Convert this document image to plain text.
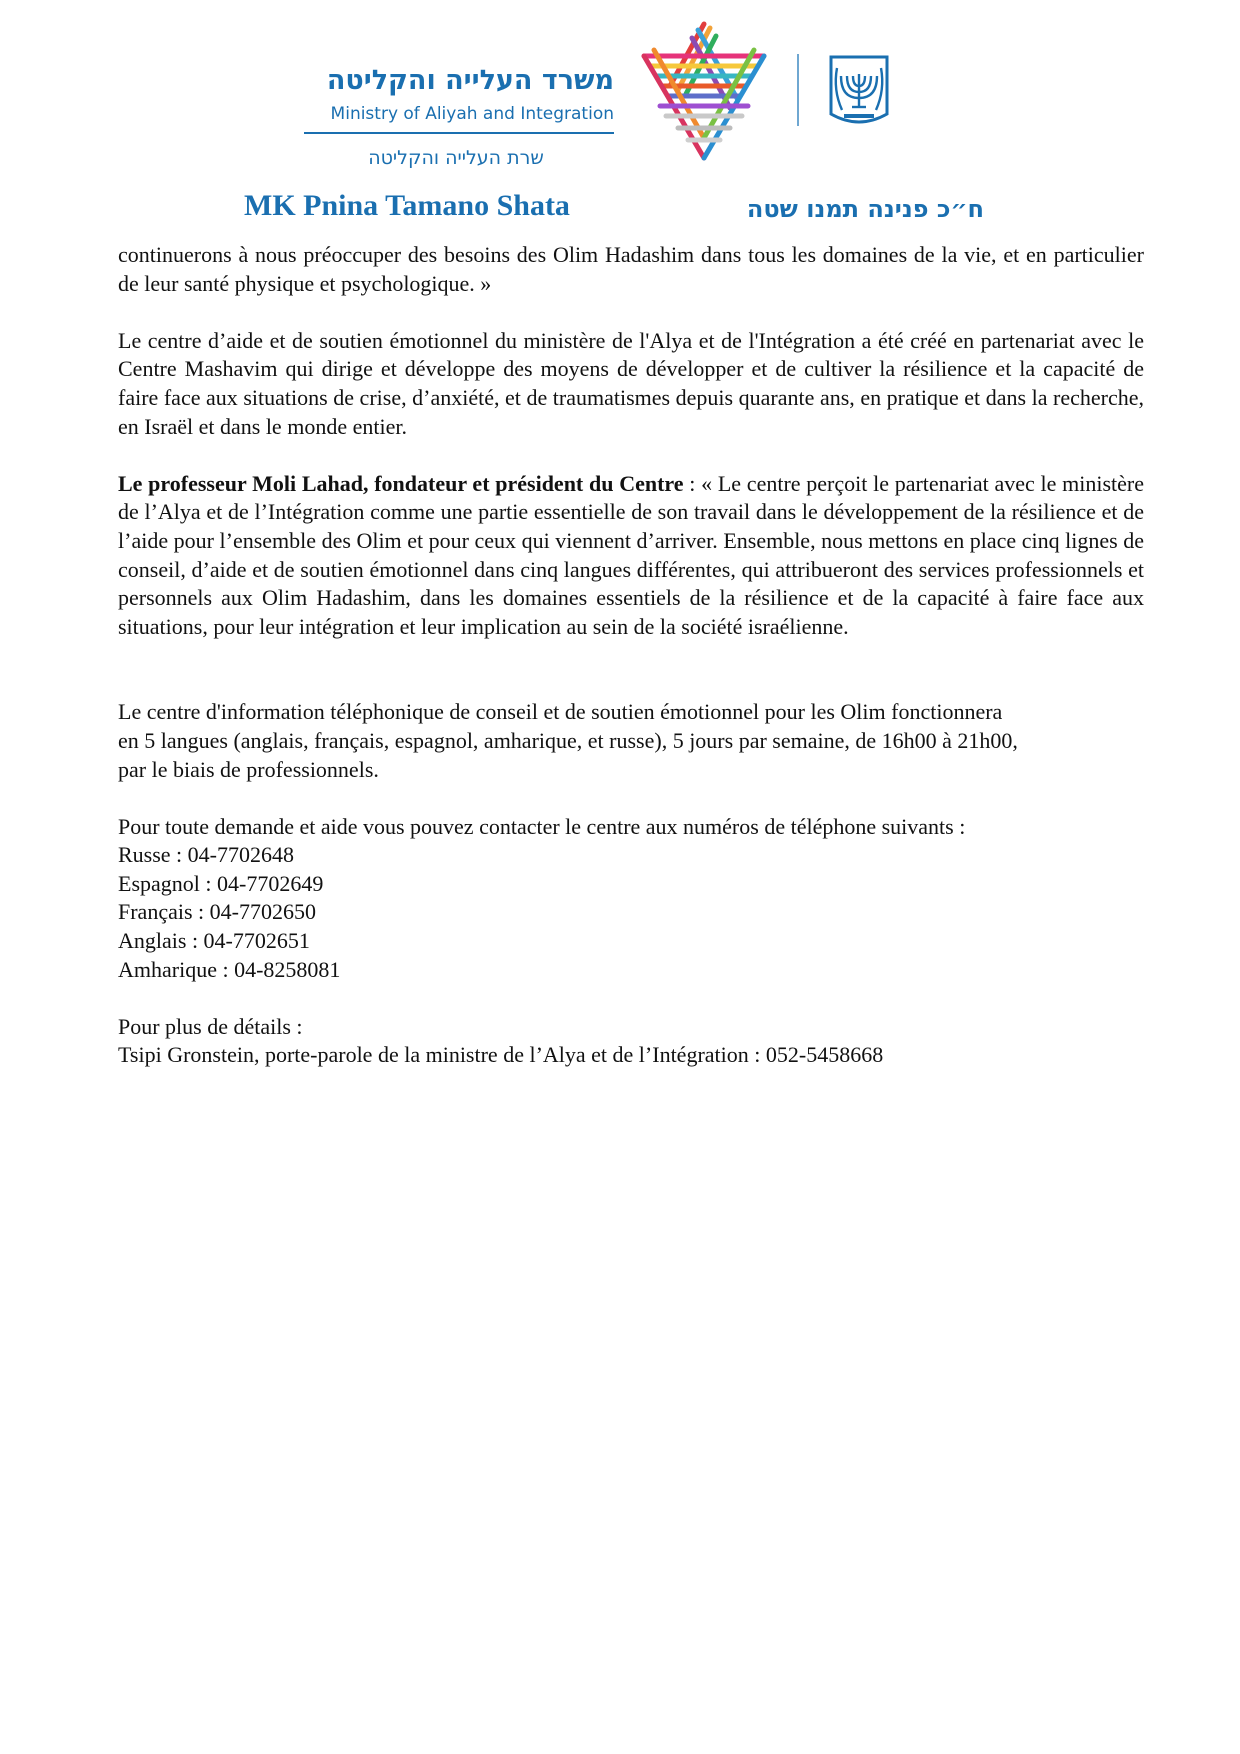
משרד העלייה והקליטה

Ministry of Aliyah and Integration

שרת העלייה והקליטה

MK Pnina Tamano Shata	ח״כ פנינה תמנו שטה

continuerons à nous préoccuper des besoins des Olim Hadashim dans tous les domaines de la vie, et en particulier de leur santé physique et psychologique. »

Le centre d’aide et de soutien émotionnel du ministère de l'Alya et de l'Intégration a été créé en partenariat avec le Centre Mashavim qui dirige et développe des moyens de développer et de cultiver la résilience et la capacité de faire face aux situations de crise, d’anxiété, et de traumatismes depuis quarante ans, en pratique et dans la recherche, en Israël et dans le monde entier.

Le professeur Moli Lahad, fondateur et président du Centre : « Le centre perçoit le partenariat avec le ministère de l’Alya et de l’Intégration comme une partie essentielle de son travail dans le développement de la résilience et de l’aide pour l’ensemble des Olim et pour ceux qui viennent d’arriver. Ensemble, nous mettons en place cinq lignes de conseil, d’aide et de soutien émotionnel dans cinq langues différentes, qui attribueront des services professionnels et personnels aux Olim Hadashim, dans les domaines essentiels de la résilience et de la capacité à faire face aux situations, pour leur intégration et leur implication au sein de la société israélienne.

Le centre d'information téléphonique de conseil et de soutien émotionnel pour les Olim fonctionnera
en 5 langues (anglais, français, espagnol, amharique, et russe), 5 jours par semaine, de 16h00 à 21h00,
par le biais de professionnels.

Pour toute demande et aide vous pouvez contacter le centre aux numéros de téléphone suivants :
Russe : 04-7702648
Espagnol : 04-7702649
Français : 04-7702650
Anglais : 04-7702651
Amharique : 04-8258081
Pour plus de détails :
Tsipi Gronstein, porte-parole de la ministre de l’Alya et de l’Intégration : 052-5458668
